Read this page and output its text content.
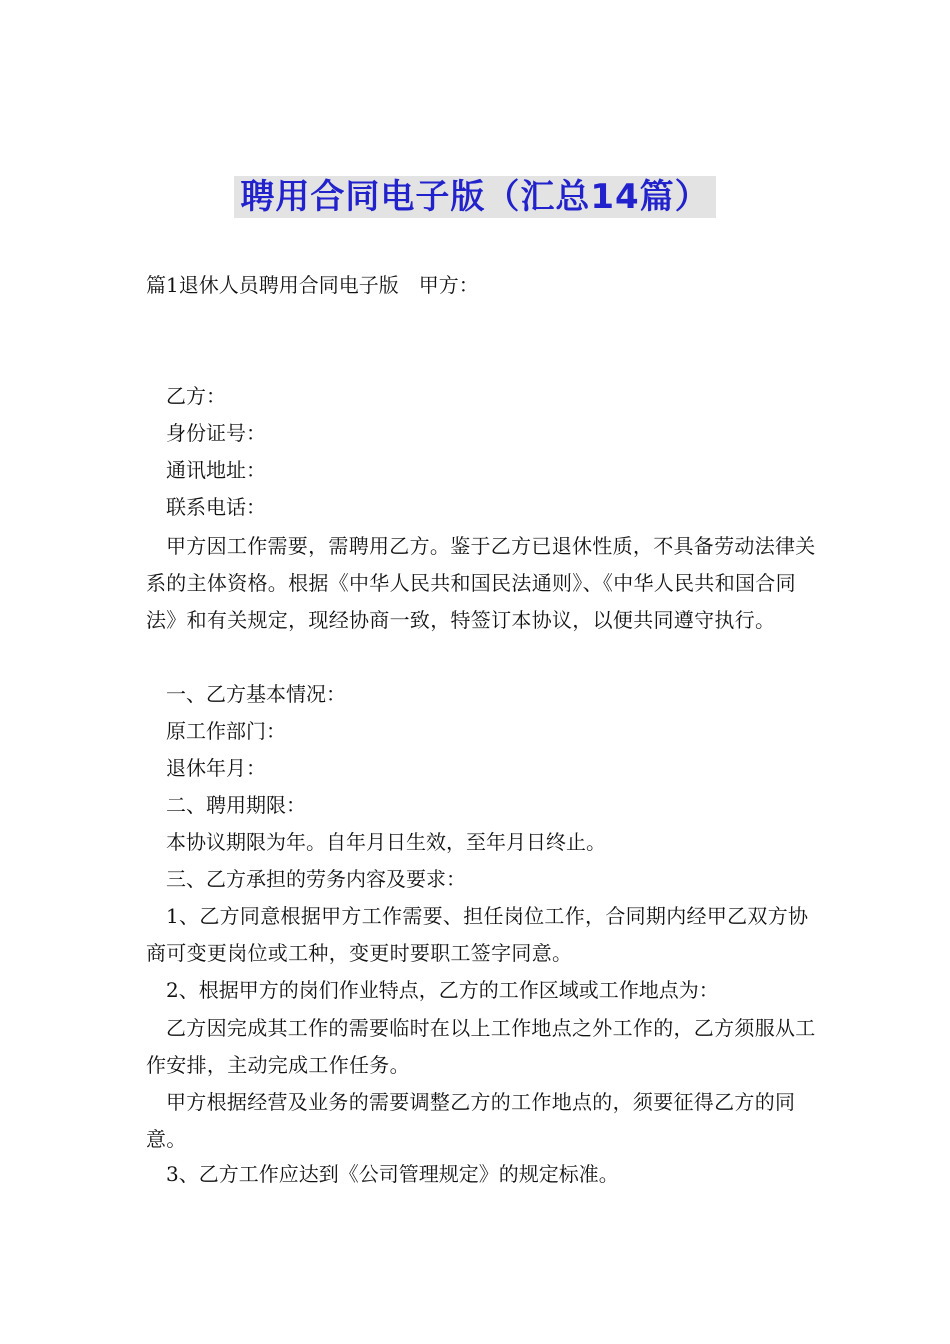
聘用合同电子版（汇总14篇）
篇1退休人员聘用合同电子版　甲方：
乙方：
身份证号：
通讯地址：
联系电话：
甲方因工作需要，需聘用乙方。鉴于乙方已退休性质，不具备劳动法律关系的主体资格。根据《中华人民共和国民法通则》、《中华人民共和国合同法》和有关规定，现经协商一致，特签订本协议，以便共同遵守执行。
一、乙方基本情况：
原工作部门：
退休年月：
二、聘用期限：
本协议期限为年。自年月日生效，至年月日终止。
三、乙方承担的劳务内容及要求：
1、乙方同意根据甲方工作需要、担任岗位工作，合同期内经甲乙双方协商可变更岗位或工种，变更时要职工签字同意。
2、根据甲方的岗们作业特点，乙方的工作区域或工作地点为：
乙方因完成其工作的需要临时在以上工作地点之外工作的，乙方须服从工作安排，主动完成工作任务。
甲方根据经营及业务的需要调整乙方的工作地点的，须要征得乙方的同意。
3、乙方工作应达到《公司管理规定》的规定标准。
